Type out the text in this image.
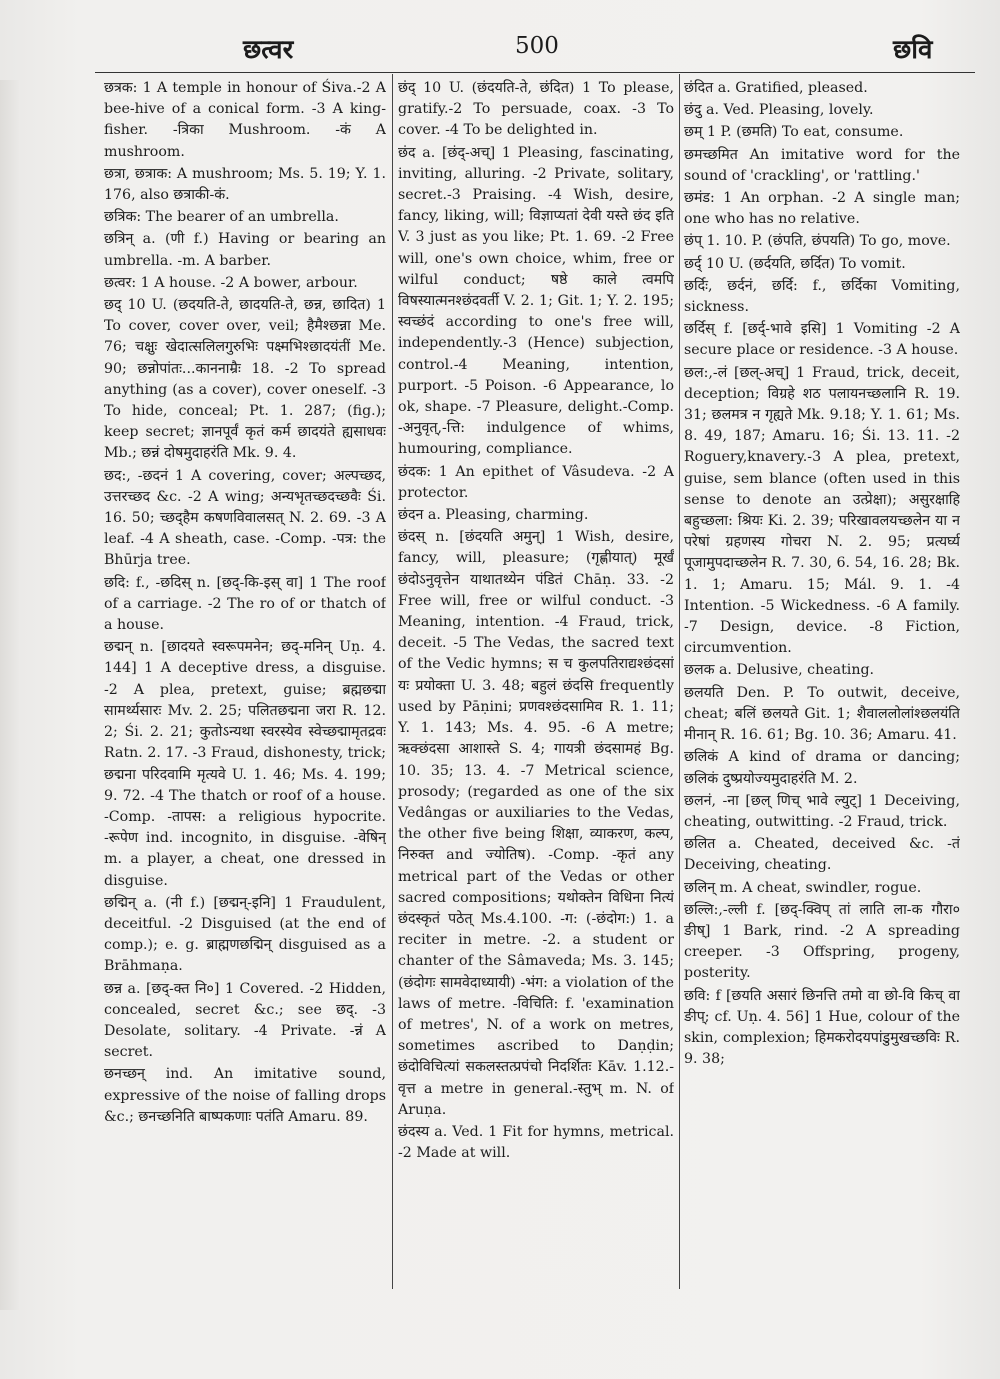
छत्वर	500	छवि

छत्रक: 1 A temple in honour of Śiva.-2 A bee-hive of a conical form. -3 A king-fisher. -त्रिका Mushroom. -कं A mushroom.

छत्रा, छत्राक: A mushroom; Ms. 5. 19; Y. 1. 176, also छत्राकी-कं.

छत्रिक: The bearer of an umbrella.

छत्रिन् a. (णी f.) Having or bearing an umbrella. -m. A barber.

छत्वर: 1 A house. -2 A bower, arbour.

छद् 10 U. (छदयति-ते, छादयति-ते, छन्न, छादित) 1 To cover, cover over, veil; हैमैश्छन्ना Me. 76; चक्षुः खेदात्सलिलगुरुभिः पक्ष्मभिश्छादयंतीं Me. 90; छन्नोपांतः...काननाम्रैः 18. -2 To spread anything (as a cover), cover oneself. -3 To hide, conceal; Pt. 1. 287; (fig.); keep secret; ज्ञानपूर्वं कृतं कर्म छादयंते ह्यसाधवः Mb.; छन्नं दोषमुदाहरंति Mk. 9. 4.

छद:, -छदनं 1 A covering, cover; अल्पच्छद, उत्तरच्छद &c. -2 A wing; अन्यभृतच्छदच्छवैः Śi. 16. 50; च्छद्हैम कषणविवालसत् N. 2. 69. -3 A leaf. -4 A sheath, case. -Comp. -पत्र: the Bhūrja tree.

छदि: f., -छदिस् n. [छद्-कि-इस् वा] 1 The roof of a carriage. -2 The ro of or thatch of a house.

छद्मन् n. [छादयते स्वरूपमनेन; छद्-मनिन् Uṇ. 4. 144] 1 A deceptive dress, a disguise. -2 A plea, pretext, guise; ब्रह्मछद्मा सामर्थ्यसारः Mv. 2. 25; पलितछद्मना जरा R. 12. 2; Śi. 2. 21; कुतोऽन्यथा स्वरस्येव स्वेच्छद्मामृतद्रवः Ratn. 2. 17. -3 Fraud, dishonesty, trick; छद्मना परिदवामि मृत्यवे U. 1. 46; Ms. 4. 199; 9. 72. -4 The thatch or roof of a house. -Comp. -तापस: a religious hypocrite. -रूपेण ind. incognito, in disguise. -वेषिन् m. a player, a cheat, one dressed in disguise.

छद्मिन् a. (नी f.) [छद्मन्-इनि] 1 Fraudulent, deceitful. -2 Disguised (at the end of comp.); e. g. ब्राह्मणछद्मिन् disguised as a Brāhmaṇa.

छन्न a. [छद्-क्त नि०] 1 Covered. -2 Hidden, concealed, secret &c.; see छद्. -3 Desolate, solitary. -4 Private. -न्नं A secret.

छनच्छन् ind. An imitative sound, expressive of the noise of falling drops &c.; छनच्छनिति बाष्पकणाः पतंति Amaru. 89.

छंद् 10 U. (छंदयति-ते, छंदित) 1 To please, gratify.-2 To persuade, coax. -3 To cover. -4 To be delighted in.

छंद a. [छंद्-अच्] 1 Pleasing, fascinating, inviting, alluring. -2 Private, solitary, secret.-3 Praising. -4 Wish, desire, fancy, liking, will; विज्ञाप्यतां देवी यस्ते छंद इति V. 3 just as you like; Pt. 1. 69. -2 Free will, one's own choice, whim, free or wilful conduct; षष्ठे काले त्वमपि विषस्यात्मनश्छंदवर्ती V. 2. 1; Git. 1; Y. 2. 195; स्वच्छंदं according to one's free will, independently.-3 (Hence) subjection, control.-4 Meaning, intention, purport. -5 Poison. -6 Appearance, lo ok, shape. -7 Pleasure, delight.-Comp. -अनुवृत्,-त्ति: indulgence of whims, humouring, compliance.

छंदक: 1 An epithet of Vâsudeva. -2 A protector.

छंदन a. Pleasing, charming.

छंदस् n. [छंदयति अमुन्] 1 Wish, desire, fancy, will, pleasure; (गृह्णीयात्) मूर्खं छंदोऽनुवृत्तेन याथातथ्येन पंडितं Chāṇ. 33. -2 Free will, free or wilful conduct. -3 Meaning, intention. -4 Fraud, trick, deceit. -5 The Vedas, the sacred text of the Vedic hymns; स च कुलपतिराद्यश्छंदसां यः प्रयोक्ता U. 3. 48; बहुलं छंदसि frequently used by Pāṇini; प्रणवश्छंदसामिव R. 1. 11; Y. 1. 143; Ms. 4. 95. -6 A metre; ऋक्छंदसा आशास्ते S. 4; गायत्री छंदसामहं Bg. 10. 35; 13. 4. -7 Metrical science, prosody; (regarded as one of the six Vedângas or auxiliaries to the Vedas, the other five being शिक्षा, व्याकरण, कल्प, निरुक्त and ज्योतिष). -Comp. -कृतं any metrical part of the Vedas or other sacred compositions; यथोक्तेन विधिना नित्यं छंदस्कृतं पठेत् Ms.4.100. -ग: (-छंदोग:) 1. a reciter in metre. -2. a student or chanter of the Sâmaveda; Ms. 3. 145; (छंदोगः सामवेदाध्यायी) -भंग: a violation of the laws of metre. -विचिति: f. 'examination of metres', N. of a work on metres, sometimes ascribed to Daṇḍin; छंदोविचित्यां सकलस्तत्प्रपंचो निदर्शितः Kāv. 1.12.-वृत्त a metre in general.-स्तुभ् m. N. of Aruṇa.

छंदस्य a. Ved. 1 Fit for hymns, metrical. -2 Made at will.

छंदित a. Gratified, pleased.

छंदु a. Ved. Pleasing, lovely.

छम् 1 P. (छमति) To eat, consume.

छमच्छमित An imitative word for the sound of 'crackling', or 'rattling.'

छमंड: 1 An orphan. -2 A single man; one who has no relative.

छंप् 1. 10. P. (छंपति, छंपयति) To go, move.

छर्द् 10 U. (छर्दयति, छर्दित) To vomit.

छर्दिः, छर्दनं, छर्दि: f., छर्दिका Vomiting, sickness.

छर्दिस् f. [छर्द्-भावे इसि] 1 Vomiting -2 A secure place or residence. -3 A house.

छल:,-लं [छल्-अच्] 1 Fraud, trick, deceit, deception; विग्रहे शठ पलायनच्छलानि R. 19. 31; छलमत्र न गृह्यते Mk. 9.18; Y. 1. 61; Ms. 8. 49, 187; Amaru. 16; Śi. 13. 11. -2 Roguery,knavery.-3 A plea, pretext, guise, sem blance (often used in this sense to denote an उत्प्रेक्षा); असुरक्षाहि बहुच्छला: श्रियः Ki. 2. 39; परिखावलयच्छलेन या न परेषां ग्रहणस्य गोचरा N. 2. 95; प्रत्यर्घ्य पूजामुपदाच्छलेन R. 7. 30, 6. 54, 16. 28; Bk. 1. 1; Amaru. 15; Mál. 9. 1. -4 Intention. -5 Wickedness. -6 A family. -7 Design, device. -8 Fiction, circumvention.

छलक a. Delusive, cheating.

छलयति Den. P. To outwit, deceive, cheat; बलिं छलयते Git. 1; शैवाललोलांश्छलयंति मीनान् R. 16. 61; Bg. 10. 36; Amaru. 41.

छलिकं A kind of drama or dancing; छलिकं दुष्प्रयोज्यमुदाहरंति M. 2.

छलनं, -ना [छल् णिच् भावे ल्युट्] 1 Deceiving, cheating, outwitting. -2 Fraud, trick.

छलित a. Cheated, deceived &c. -तं Deceiving, cheating.

छलिन् m. A cheat, swindler, rogue.

छल्लि:,-ल्ली f. [छद्-क्विप् तां लाति ला-क गौरा० ङीष्] 1 Bark, rind. -2 A spreading creeper. -3 Offspring, progeny, posterity.

छवि: f [छयति असारं छिनत्ति तमो वा छो-वि किच् वा ङीप्; cf. Uṇ. 4. 56] 1 Hue, colour of the skin, complexion; हिमकरोदयपांडुमुखच्छविः R. 9. 38;
